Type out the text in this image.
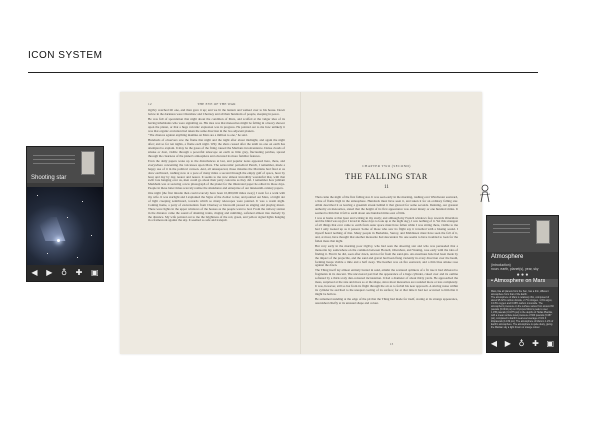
ICON SYSTEM
12	THE EYE OF THE WAR

Ogilvy watched till one, and then gave it up; and we lit the lantern and walked over to his house. Down below in the darkness were Ottershaw and Chertsey and all their hundreds of people, sleeping in peace.

He was full of speculation that night about the condition of Mars, and scoffed at the vulgar idea of its having inhabitants who were signalling us. His idea was that meteorites might be falling in a heavy shower upon the planet, or that a huge volcanic explosion was in progress. He pointed out to me how unlikely it was that organic evolution had taken the same direction in the two adjacent planets.

"The chances against anything manlike on Mars are a million to one," he said.

Hundreds of observers saw the flame that night and the night after about midnight, and again the night after; and so for ten nights, a flame each night. Why the shots ceased after the tenth no one on earth has attempted to explain. It may be the gases of the firing caused the Martians inconvenience. Dense clouds of smoke or dust, visible through a powerful telescope on earth as little grey, fluctuating patches, spread through the clearness of the planet's atmosphere and obscured its more familiar features.

Even the daily papers woke up to the disturbances at last, and popular notes appeared here, there, and everywhere concerning the volcanoes upon Mars. The seriocomic periodical Punch, I remember, made a happy use of it in the political cartoon. And, all unsuspected, those missiles the Martians had fired at us drew earthward, rushing now at a pace of many miles a second through the empty gulf of space, hour by hour and day by day, nearer and nearer. It seems to me now almost incredibly wonderful that, with that swift fate hanging over us, men could go about their petty concerns as they did. I remember how jubilant Markham was at securing a new photograph of the planet for the illustrated paper he edited in those days. People in these latter times scarcely realise the abundance and enterprise of our nineteenth-century papers.

One night (the first missile then could scarcely have been 10,000,000 miles away) I went for a walk with my wife. It was starlight and I explained the Signs of the Zodiac to her, and pointed out Mars, a bright dot of light creeping zenithward, towards which so many telescopes were pointed. It was a warm night. Coming home, a party of excursionists from Chertsey or Isleworth passed us singing and playing music. There were lights in the upper windows of the houses as the people went to bed. From the railway station in the distance came the sound of shunting trains, ringing and rumbling, softened almost into melody by the distance. My wife pointed out to me the brightness of the red, green, and yellow signal lights hanging in a framework against the sky. It seemed so safe and tranquil.

CHAPTER TWO (SECOND)
THE FALLING STAR
11

Then came the night of the first falling star. It was seen early in the morning, rushing over Winchester eastward, a line of flame high in the atmosphere. Hundreds must have seen it, and taken it for an ordinary falling star. Albin described it as leaving a greenish streak behind it that glowed for some seconds. Denning, our greatest authority on meteorites, stated that the height of its first appearance was about ninety or one hundred miles. It seemed to him that it fell to earth about one hundred miles east of him.

I was at home at that hour and writing in my study; and although my French windows face towards Ottershaw and the blind was up (for I loved in those days to look up at the night sky), I saw nothing of it. Yet this strangest of all things that ever came to earth from outer space must have fallen while I was sitting there, visible to me had I only looked up as it passed. Some of those who saw its flight say it travelled with a hissing sound. I myself heard nothing of that. Many people in Berkshire, Surrey, and Middlesex must have seen the fall of it, and, at most, have thought that another meteorite had descended. No one seems to have troubled to look for the fallen mass that night.

But very early in the morning poor Ogilvy, who had seen the shooting star and who was persuaded that a meteorite lay somewhere on the common between Horsell, Ottershaw, and Woking, rose early with the idea of finding it. Find it he did, soon after dawn, and not far from the sand-pits. An enormous hole had been made by the impact of the projectile, and the sand and gravel had been flung violently in every direction over the heath, forming heaps visible a mile and a half away. The heather was on fire eastward, and a thin blue smoke rose against the dawn.

The Thing itself lay almost entirely buried in sand, amidst the scattered splinters of a fir tree it had shivered to fragments in its descent. The uncovered part had the appearance of a huge cylinder, caked over and its outline softened by a thick scaly dun-coloured incrustation. It had a diameter of about thirty yards. He approached the mass, surprised at the size and more so at the shape, since most meteorites are rounded more or less completely. It was, however, still so hot from its flight through the air as to forbid his near approach. A stirring noise within its cylinder he ascribed to the unequal cooling of its surface; for at that time it had not occurred to him that it might be hollow.

He remained standing at the edge of the pit that the Thing had made for itself, staring at its strange appearance, astonished chiefly at its unusual shape and colour.

13
Shooting star
◀ ▶ ♁ ✚ ▣
Atmosphere
(introduction)
noun. earth, planet(s), year, sky
● ● ●
• Atmosphere on Mars
Mars, like all planets from the Sun, has a thin, different atmosphere from that of the Earth.
The atmosphere of Mars is relatively thin, composed of about 95.32% carbon dioxide, 2.7% nitrogen, 1.6% argon, 0.13% oxygen and 0.08% carbon monoxide. The atmospheric pressure on the surface varies from around 30 pascals (0.0044 psi) on Olympus Mons's peak to over 1,155 pascals (0.1675 psi) in the depths of Hellas Planitia, with a mean surface level pressure of 600 pascals (0.087 psi), compared to Earth's sea level average of 101.3 kilopascals (14.69 psi). The atmosphere of Mars is 1.2% of Earth's atmosphere. The atmosphere is quite dusty, giving the Martian sky a light brown or orange colour.
◀ ▶ ♁ ✚ ▣
